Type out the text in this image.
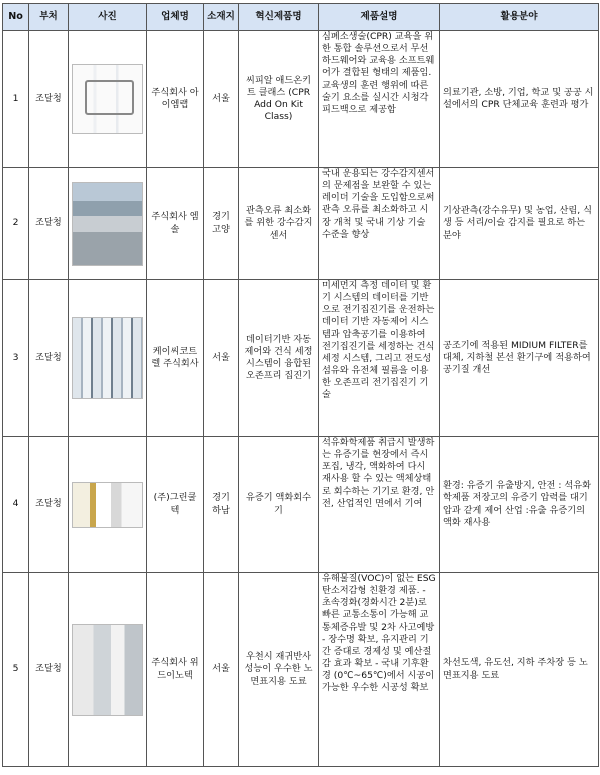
No	부처	사진	업체명	소재지	혁신제품명	제품설명	활용분야
1	조달청		주식회사 아이엠랩	서울	씨피알 애드온키트 클래스 (CPR Add On Kit Class)	심폐소생술(CPR) 교육을 위한 통합 솔루션으로서 무선 하드웨어와 교육용 소프트웨어가 결합된 형태의 제품임. 교육생의 훈련 행위에 따른 술기 요소를 실시간 시청각 피드백으로 제공함	의료기관, 소방, 기업, 학교 및 공공 시설에서의 CPR 단체교육 훈련과 평가
2	조달청		주식회사 엠솔	경기 고양	관측오류 최소화를 위한 강수감지센서	국내 운용되는 강수감지센서의 문제점을 보완할 수 있는 레이더 기술을 도입함으로써 관측 오류를 최소화하고 시장 개척 및 국내 기상 기술 수준을 향상	기상관측(강수유무) 및 농업, 산림, 식생 등 서리/이슬 감지를 필요로 하는 분야
3	조달청		케이씨코트렐 주식회사	서울	데이터기반 자동제어와 건식 세정시스템이 융합된 오존프리 집진기	미세먼지 측정 데이터 및 환기 시스템의 데이터를 기반으로 전기집진기를 운전하는 데이터 기반 자동제어 시스템과 압축공기를 이용하여 전기집진기를 세정하는 건식세정 시스템, 그리고 전도성 섬유와 유전체 필름을 이용한 오존프리 전기집진기 기술	공조기에 적용된 MIDIUM FILTER를 대체, 지하철 본선 환기구에 적용하여 공기질 개선
4	조달청		(주)그린쿨텍	경기 하남	유증기 액화회수기	석유화학제품 취급시 발생하는 유증기를 현장에서 즉시 포집, 냉각, 액화하여 다시 재사용 할 수 있는 액체상태로 회수하는 기기로 환경, 안전, 산업적인 면에서 기여	환경: 유증기 유출방지, 안전 : 석유화학제품 저장고의 유증기 압력를 대기압과 같게 제어 산업 :유출 유증기의 액화 재사용
5	조달청		주식회사 위드이노텍	서울	우천시 재귀반사 성능이 우수한 노면표지용 도료	유해물질(VOC)이 없는 ESG 탄소저감형 친환경 제품. - 초속경화(경화시간 2분)로 빠른 교통소통이 가능해 교통체증유발 및 2차 사고예방 - 장수명 확보, 유지관리 기간 증대로 경제성 및 예산절감 효과 확보 - 국내 기후환경 (0℃~65℃)에서 시공이 가능한 우수한 시공성 확보	차선도색, 유도선, 지하 주차장 등 노면표지용 도료
